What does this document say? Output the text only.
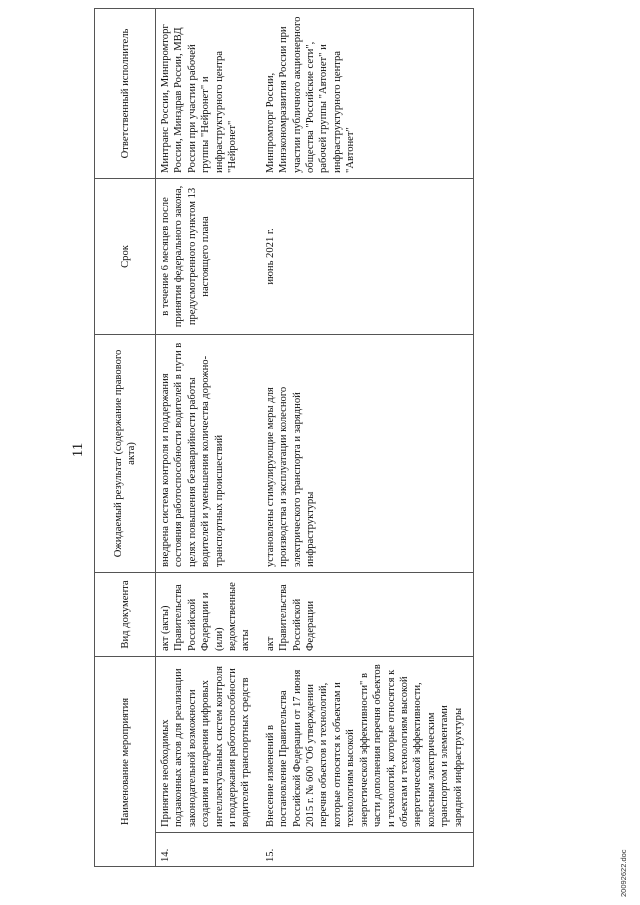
11
Наименование мероприятия		Вид документа	Ожидаемый результат (содержание правового акта)	Срок	Ответственный исполнитель
14.	Принятие необходимых подзаконных актов для реализации законодательной возможности создания и внедрения цифровых интеллектуальных систем контроля и поддержания работоспособности водителей транспортных средств	акт (акты) Правительства Российской Федерации и (или) ведомственные акты	внедрена система контроля и поддержания состояния работоспособности водителей в пути в целях повышения безаварийности работы водителей и уменьшения количества дорожно-транспортных происшествий	в течение 6 месяцев после принятия федерального закона, предусмотренного пунктом 13 настоящего плана	Минтранс России, Минпромторг России, Минздрав России, МВД России при участии рабочей группы "Нейронет" и инфраструктурного центра "Нейронет"
15.	Внесение изменений в постановление Правительства Российской Федерации от 17 июня 2015 г. № 600 "Об утверждении перечня объектов и технологий, которые относятся к объектам и технологиям высокой энергетической эффективности" в части дополнения перечня объектов и технологий, которые относятся к объектам и технологиям высокой энергетической эффективности, колесным электрическим транспортом и элементами зарядной инфраструктуры	акт Правительства Российской Федерации	установлены стимулирующие меры для производства и эксплуатации колесного электрического транспорта и зарядной инфраструктуры	июнь 2021 г.	Минпромторг России, Минэкономразвития России при участии публичного акционерного общества "Российские сети", рабочей группы "Автонет" и инфраструктурного центра "Автонет"
20092622.doc
